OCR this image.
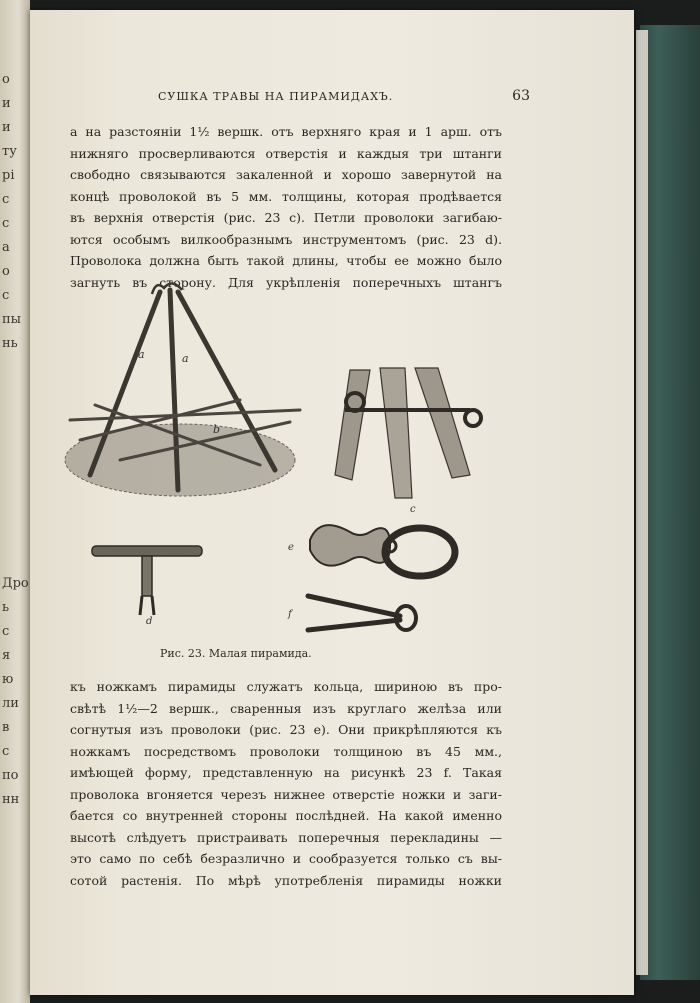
о
и
и
ту
рі
с
с
а
о
с
пы
нь
Дро
ь
с
я
ю
ли
в
с
по
нн
СУШКА ТРАВЫ НА ПИРАМИДАХЪ.	63
а на разстоянiи 1½ вершк. отъ верхняго края и 1 арш. отъ
нижняго просверливаются отверстія и каждыя три штанги
свободно связываются закаленной и хорошо завернутой на
концѣ проволокой въ 5 мм. толщины, которая продѣвается
въ верхнія отверстія (рис. 23 c). Петли проволоки загибаю-
ются особымъ вилкообразнымъ инструментомъ (рис. 23 d).
Проволока должна быть такой длины, чтобы ее можно было
загнуть въ сторону. Для укрѣпленія поперечныхъ штангъ
a	a
b
c
d
e
f
Рис. 23. Малая пирамида.
къ ножкамъ пирамиды служатъ кольца, шириною въ про-
свѣтѣ 1½—2 вершк., сваренныя изъ круглаго желѣза или
согнутыя изъ проволоки (рис. 23 e). Они прикрѣпляются къ
ножкамъ посредствомъ проволоки толщиною въ 45 мм.,
имѣющей форму, представленную на рисункѣ 23 f. Такая
проволока вгоняется черезъ нижнее отверстіе ножки и заги-
бается со внутренней стороны послѣдней. На какой именно
высотѣ слѣдуетъ пристраивать поперечныя перекладины —
это само по себѣ безразлично и сообразуется только съ вы-
сотой растенія. По мѣрѣ употребленія пирамиды ножки
